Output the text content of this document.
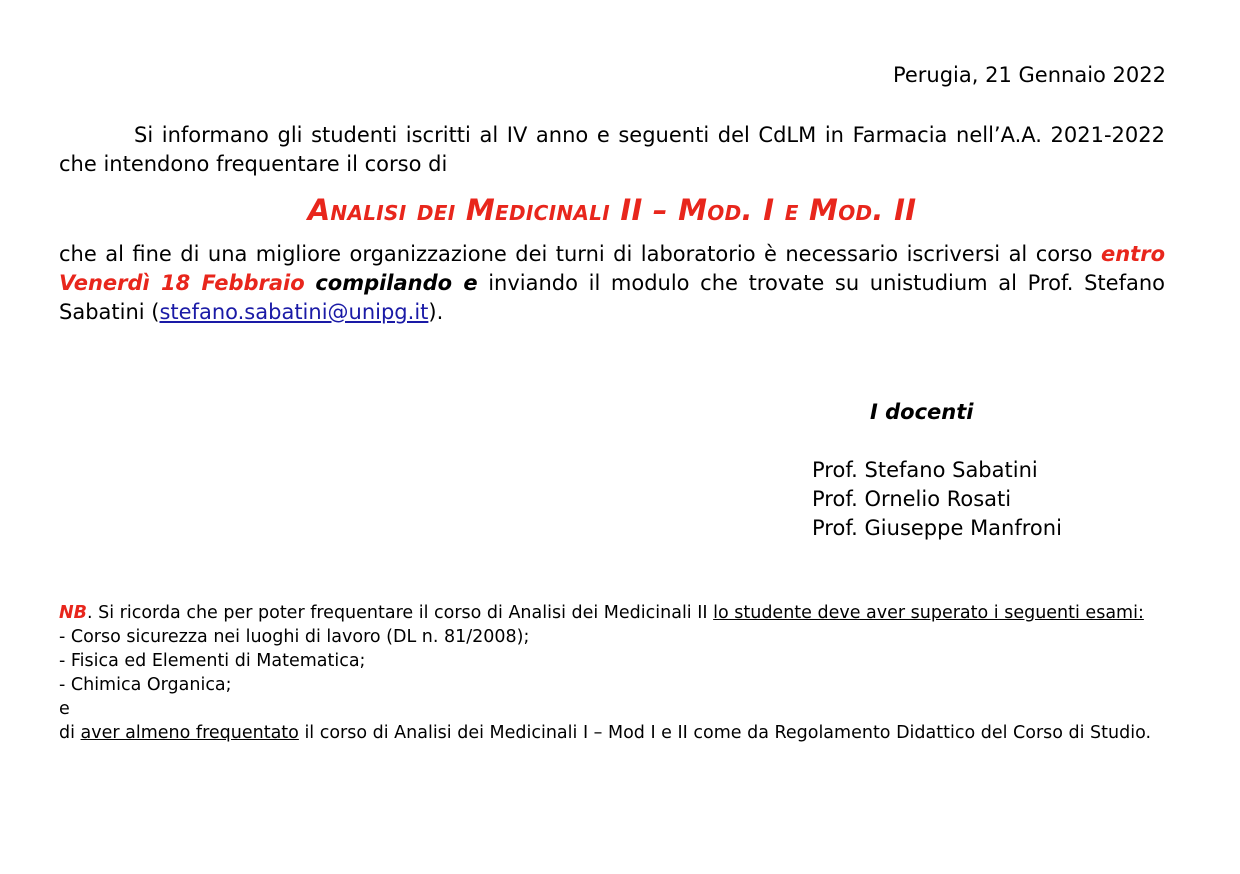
Perugia, 21 Gennaio 2022
Si informano gli studenti iscritti al IV anno e seguenti del CdLM in Farmacia nell’A.A. 2021-2022 che intendono frequentare il corso di
Analisi dei Medicinali II – Mod. I e Mod. II
che al fine di una migliore organizzazione dei turni di laboratorio è necessario iscriversi al corso entro Venerdì 18 Febbraio compilando e inviando il modulo che trovate su unistudium al Prof. Stefano Sabatini (stefano.sabatini@unipg.it).
I docenti
Prof. Stefano Sabatini
Prof. Ornelio Rosati
Prof. Giuseppe Manfroni
NB. Si ricorda che per poter frequentare il corso di Analisi dei Medicinali II lo studente deve aver superato i seguenti esami:
- Corso sicurezza nei luoghi di lavoro (DL n. 81/2008);
- Fisica ed Elementi di Matematica;
- Chimica Organica;
e
di aver almeno frequentato il corso di Analisi dei Medicinali I – Mod I e II come da Regolamento Didattico del Corso di Studio.
